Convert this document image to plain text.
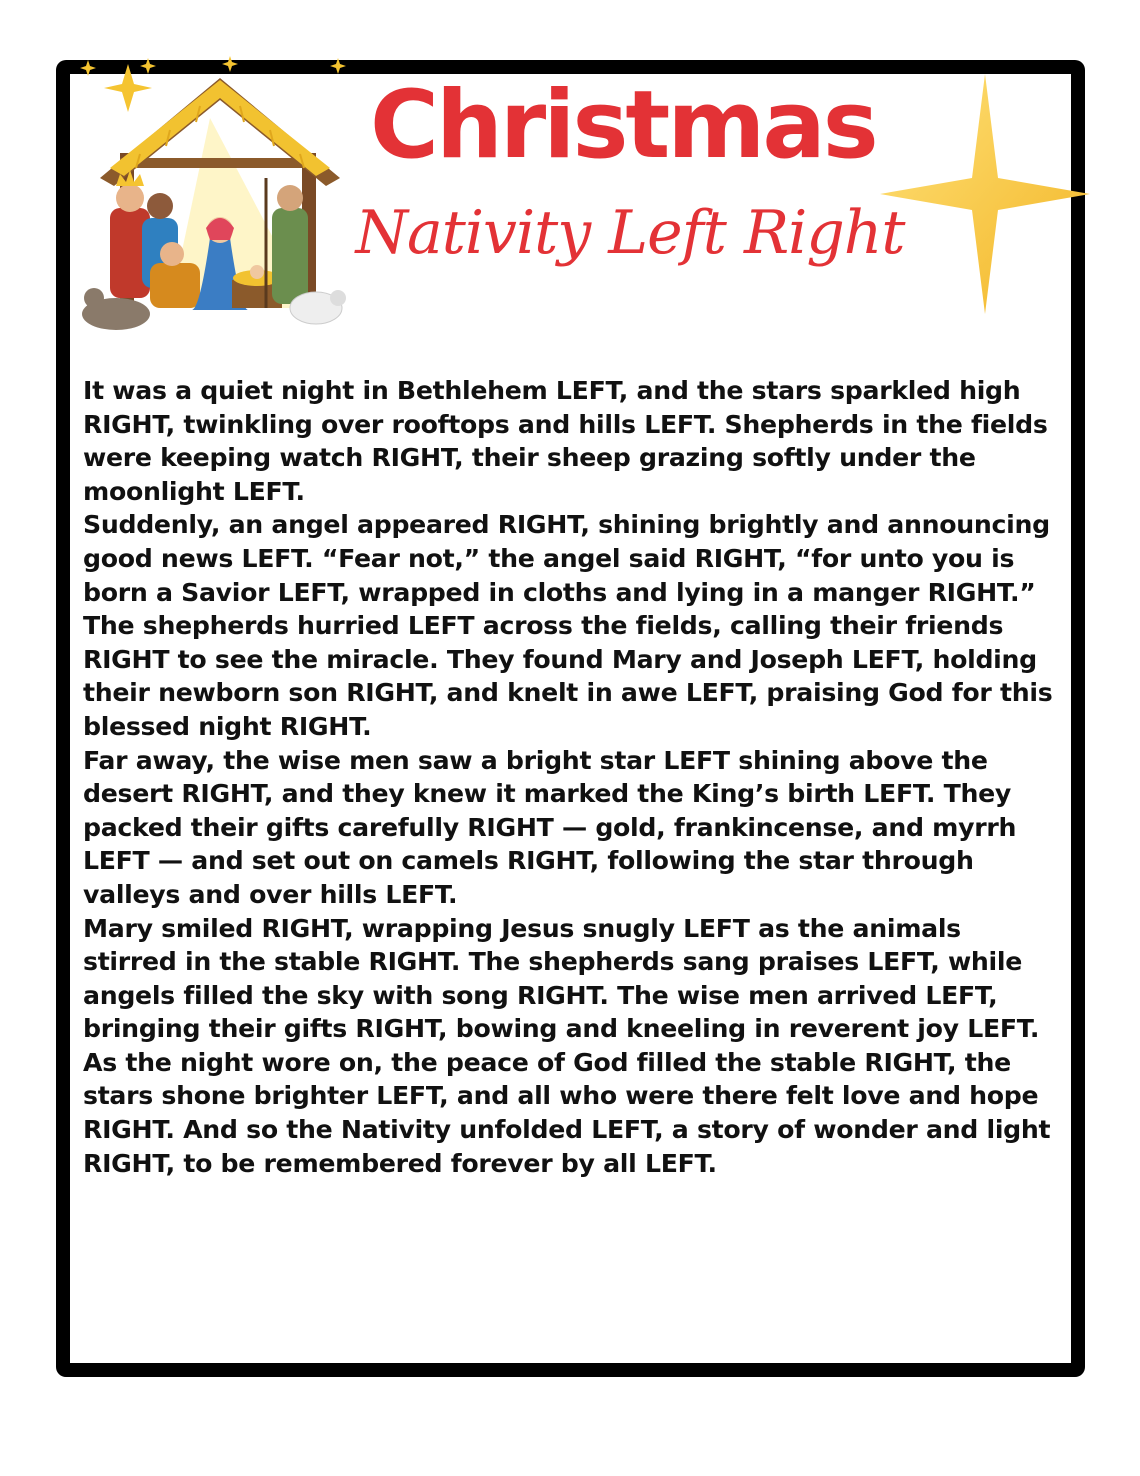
Christmas
Nativity Left Right

It was a quiet night in Bethlehem LEFT, and the stars sparkled high RIGHT, twinkling over rooftops and hills LEFT. Shepherds in the fields were keeping watch RIGHT, their sheep grazing softly under the moonlight LEFT.

Suddenly, an angel appeared RIGHT, shining brightly and announcing good news LEFT. “Fear not,” the angel said RIGHT, “for unto you is born a Savior LEFT, wrapped in cloths and lying in a manger RIGHT.”

The shepherds hurried LEFT across the fields, calling their friends RIGHT to see the miracle. They found Mary and Joseph LEFT, holding their newborn son RIGHT, and knelt in awe LEFT, praising God for this blessed night RIGHT.

Far away, the wise men saw a bright star LEFT shining above the desert RIGHT, and they knew it marked the King’s birth LEFT. They packed their gifts carefully RIGHT — gold, frankincense, and myrrh LEFT — and set out on camels RIGHT, following the star through valleys and over hills LEFT.

Mary smiled RIGHT, wrapping Jesus snugly LEFT as the animals stirred in the stable RIGHT. The shepherds sang praises LEFT, while angels filled the sky with song RIGHT. The wise men arrived LEFT, bringing their gifts RIGHT, bowing and kneeling in reverent joy LEFT.

As the night wore on, the peace of God filled the stable RIGHT, the stars shone brighter LEFT, and all who were there felt love and hope RIGHT. And so the Nativity unfolded LEFT, a story of wonder and light RIGHT, to be remembered forever by all LEFT.
